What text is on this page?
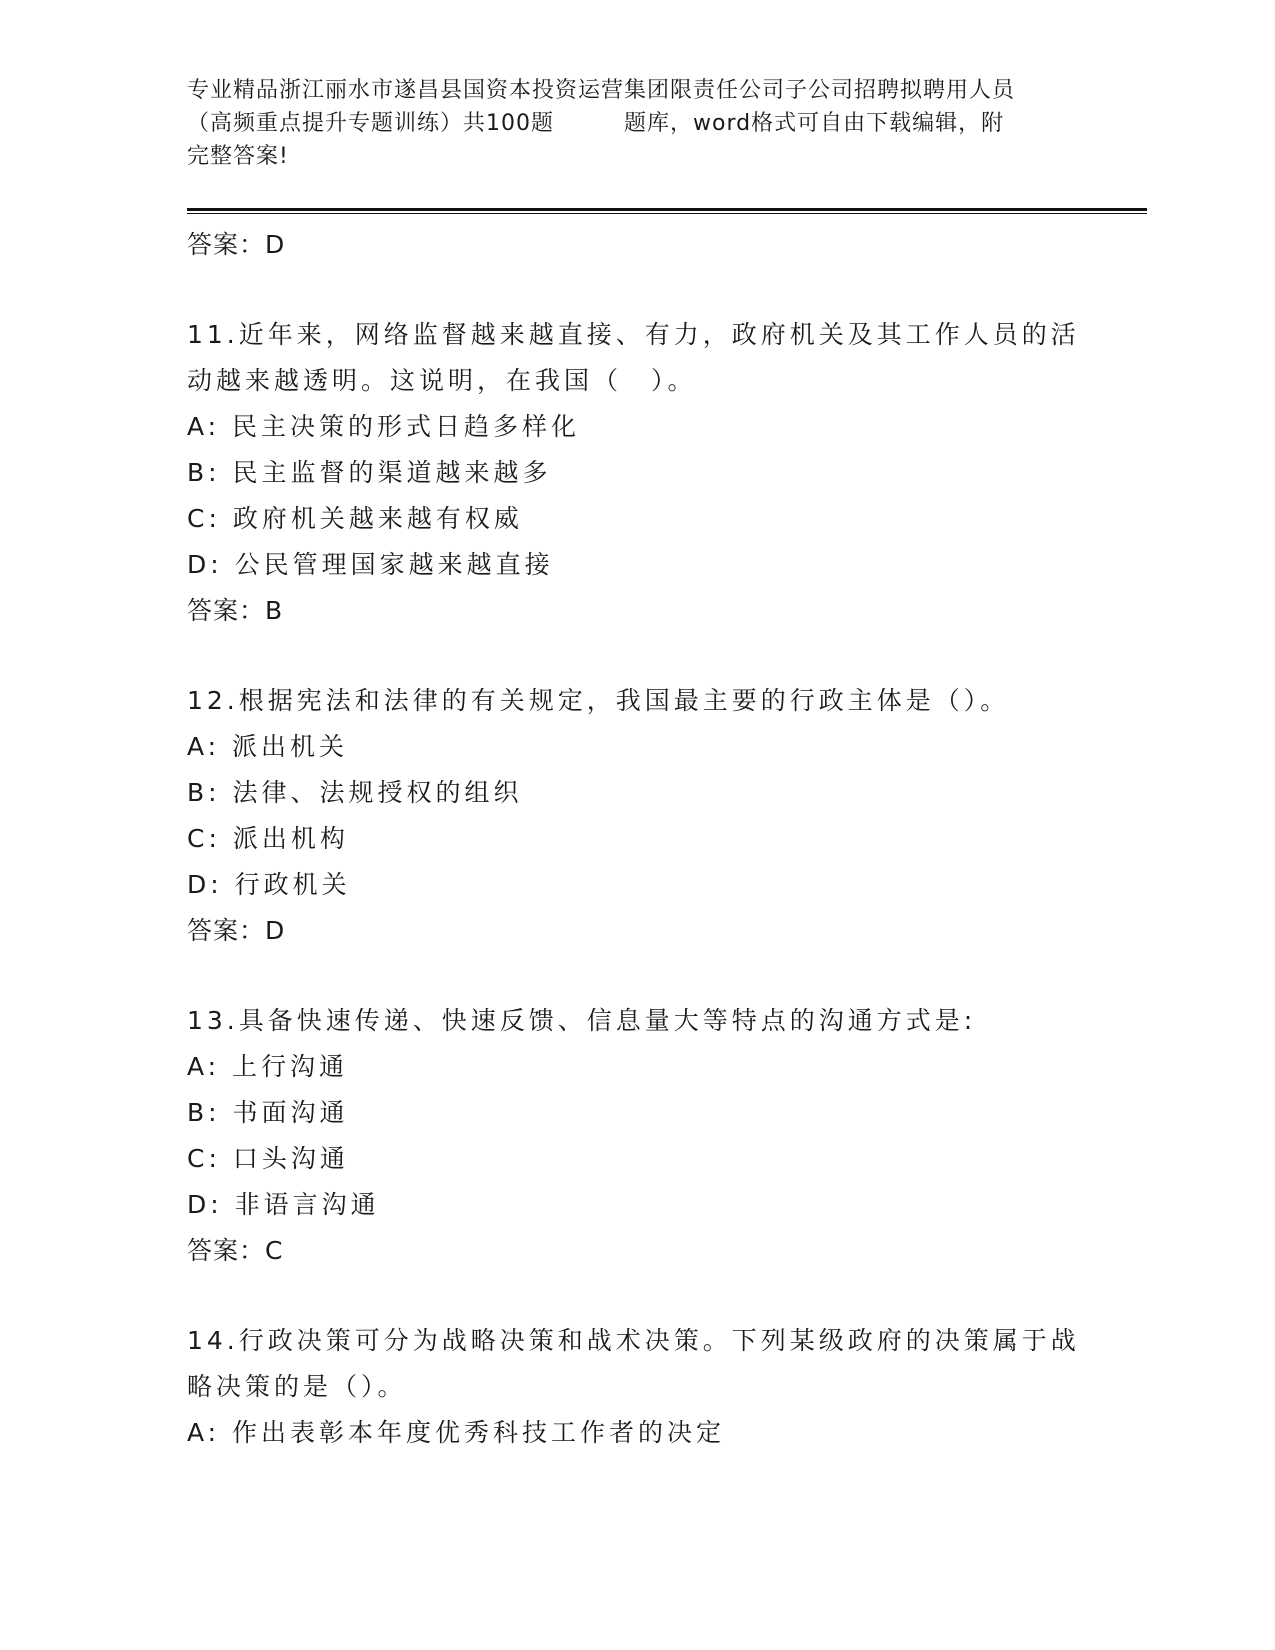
专业精品浙江丽水市遂昌县国资本投资运营集团限责任公司子公司招聘拟聘用人员
（高频重点提升专题训练）共100题	题库，word格式可自由下载编辑，附
完整答案!
答案：D
11.近年来，网络监督越来越直接、有力，政府机关及其工作人员的活
动越来越透明。这说明，在我国（　）。
A: 民主决策的形式日趋多样化
B: 民主监督的渠道越来越多
C: 政府机关越来越有权威
D: 公民管理国家越来越直接
答案：B
12.根据宪法和法律的有关规定，我国最主要的行政主体是（）。
A: 派出机关
B: 法律、法规授权的组织
C: 派出机构
D: 行政机关
答案：D
13.具备快速传递、快速反馈、信息量大等特点的沟通方式是:
A: 上行沟通
B: 书面沟通
C: 口头沟通
D: 非语言沟通
答案：C
14.行政决策可分为战略决策和战术决策。下列某级政府的决策属于战
略决策的是（）。
A: 作出表彰本年度优秀科技工作者的决定
